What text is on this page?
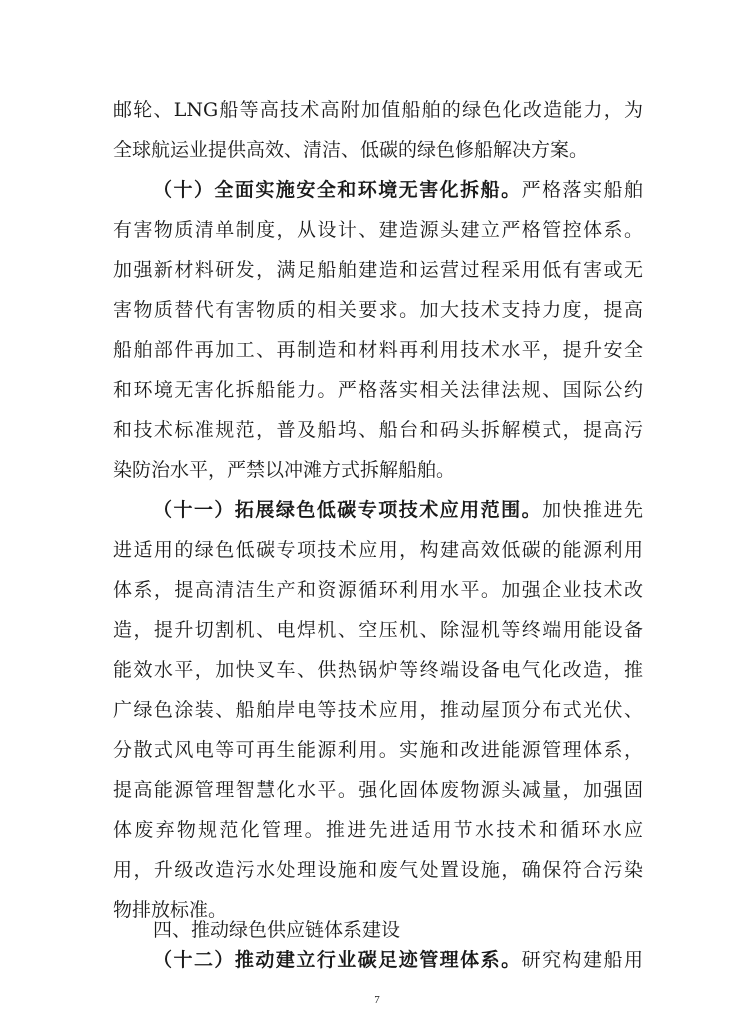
邮轮、LNG船等高技术高附加值船舶的绿色化改造能力，为
全球航运业提供高效、清洁、低碳的绿色修船解决方案。
（十）全面实施安全和环境无害化拆船。严格落实船舶
有害物质清单制度，从设计、建造源头建立严格管控体系。
加强新材料研发，满足船舶建造和运营过程采用低有害或无
害物质替代有害物质的相关要求。加大技术支持力度，提高
船舶部件再加工、再制造和材料再利用技术水平，提升安全
和环境无害化拆船能力。严格落实相关法律法规、国际公约
和技术标准规范，普及船坞、船台和码头拆解模式，提高污
染防治水平，严禁以冲滩方式拆解船舶。
（十一）拓展绿色低碳专项技术应用范围。加快推进先
进适用的绿色低碳专项技术应用，构建高效低碳的能源利用
体系，提高清洁生产和资源循环利用水平。加强企业技术改
造，提升切割机、电焊机、空压机、除湿机等终端用能设备
能效水平，加快叉车、供热锅炉等终端设备电气化改造，推
广绿色涂装、船舶岸电等技术应用，推动屋顶分布式光伏、
分散式风电等可再生能源利用。实施和改进能源管理体系，
提高能源管理智慧化水平。强化固体废物源头减量，加强固
体废弃物规范化管理。推进先进适用节水技术和循环水应
用，升级改造污水处理设施和废气处置设施，确保符合污染
物排放标准。
四、推动绿色供应链体系建设
7
（十二）推动建立行业碳足迹管理体系。研究构建船用
